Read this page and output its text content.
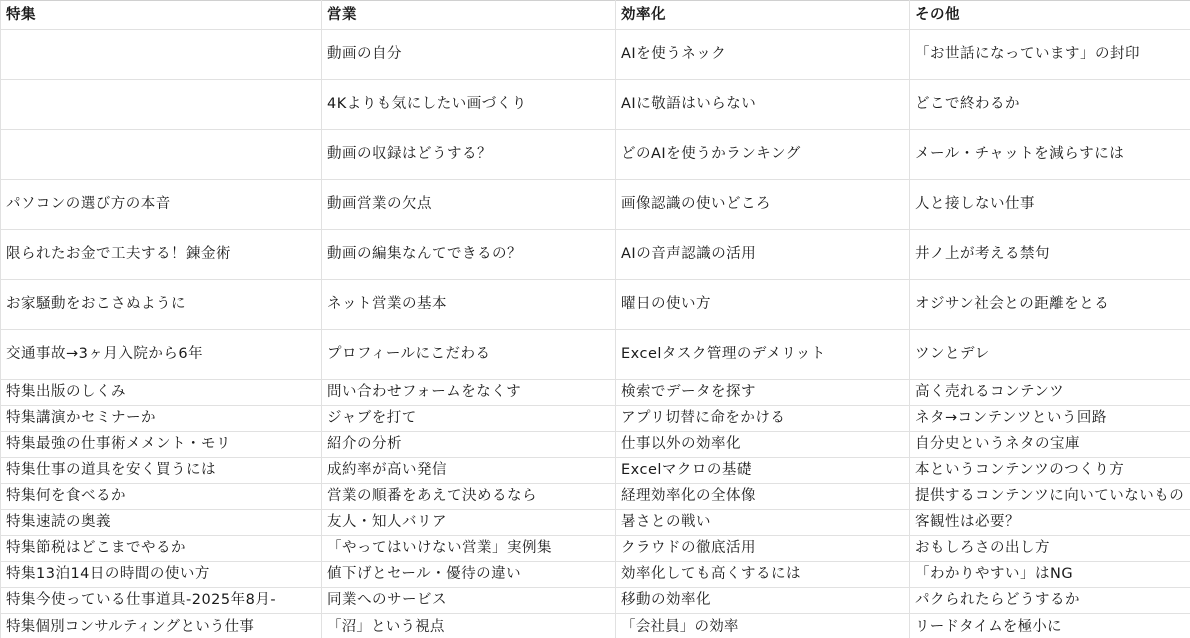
特集	営業	効率化	その他
	動画の自分	AIを使うネック	「お世話になっています」の封印
	4Kよりも気にしたい画づくり	AIに敬語はいらない	どこで終わるか
	動画の収録はどうする？	どのAIを使うかランキング	メール・チャットを減らすには
パソコンの選び方の本音	動画営業の欠点	画像認識の使いどころ	人と接しない仕事
限られたお金で工夫する！錬金術	動画の編集なんてできるの？	AIの音声認識の活用	井ノ上が考える禁句
お家騒動をおこさぬように	ネット営業の基本	曜日の使い方	オジサン社会との距離をとる
交通事故→3ヶ月入院から6年	プロフィールにこだわる	Excelタスク管理のデメリット	ツンとデレ
特集出版のしくみ	問い合わせフォームをなくす	検索でデータを探す	高く売れるコンテンツ
特集講演かセミナーか	ジャブを打て	アプリ切替に命をかける	ネタ→コンテンツという回路
特集最強の仕事術メメント・モリ	紹介の分析	仕事以外の効率化	自分史というネタの宝庫
特集仕事の道具を安く買うには	成約率が高い発信	Excelマクロの基礎	本というコンテンツのつくり方
特集何を食べるか	営業の順番をあえて決めるなら	経理効率化の全体像	提供するコンテンツに向いていないもの
特集速読の奥義	友人・知人バリア	暑さとの戦い	客観性は必要？
特集節税はどこまでやるか	「やってはいけない営業」実例集	クラウドの徹底活用	おもしろさの出し方
特集13泊14日の時間の使い方	値下げとセール・優待の違い	効率化しても高くするには	「わかりやすい」はNG
特集今使っている仕事道具-2025年8月-	同業へのサービス	移動の効率化	パクられたらどうするか
特集個別コンサルティングという仕事	「沼」という視点	「会社員」の効率	リードタイムを極小に
